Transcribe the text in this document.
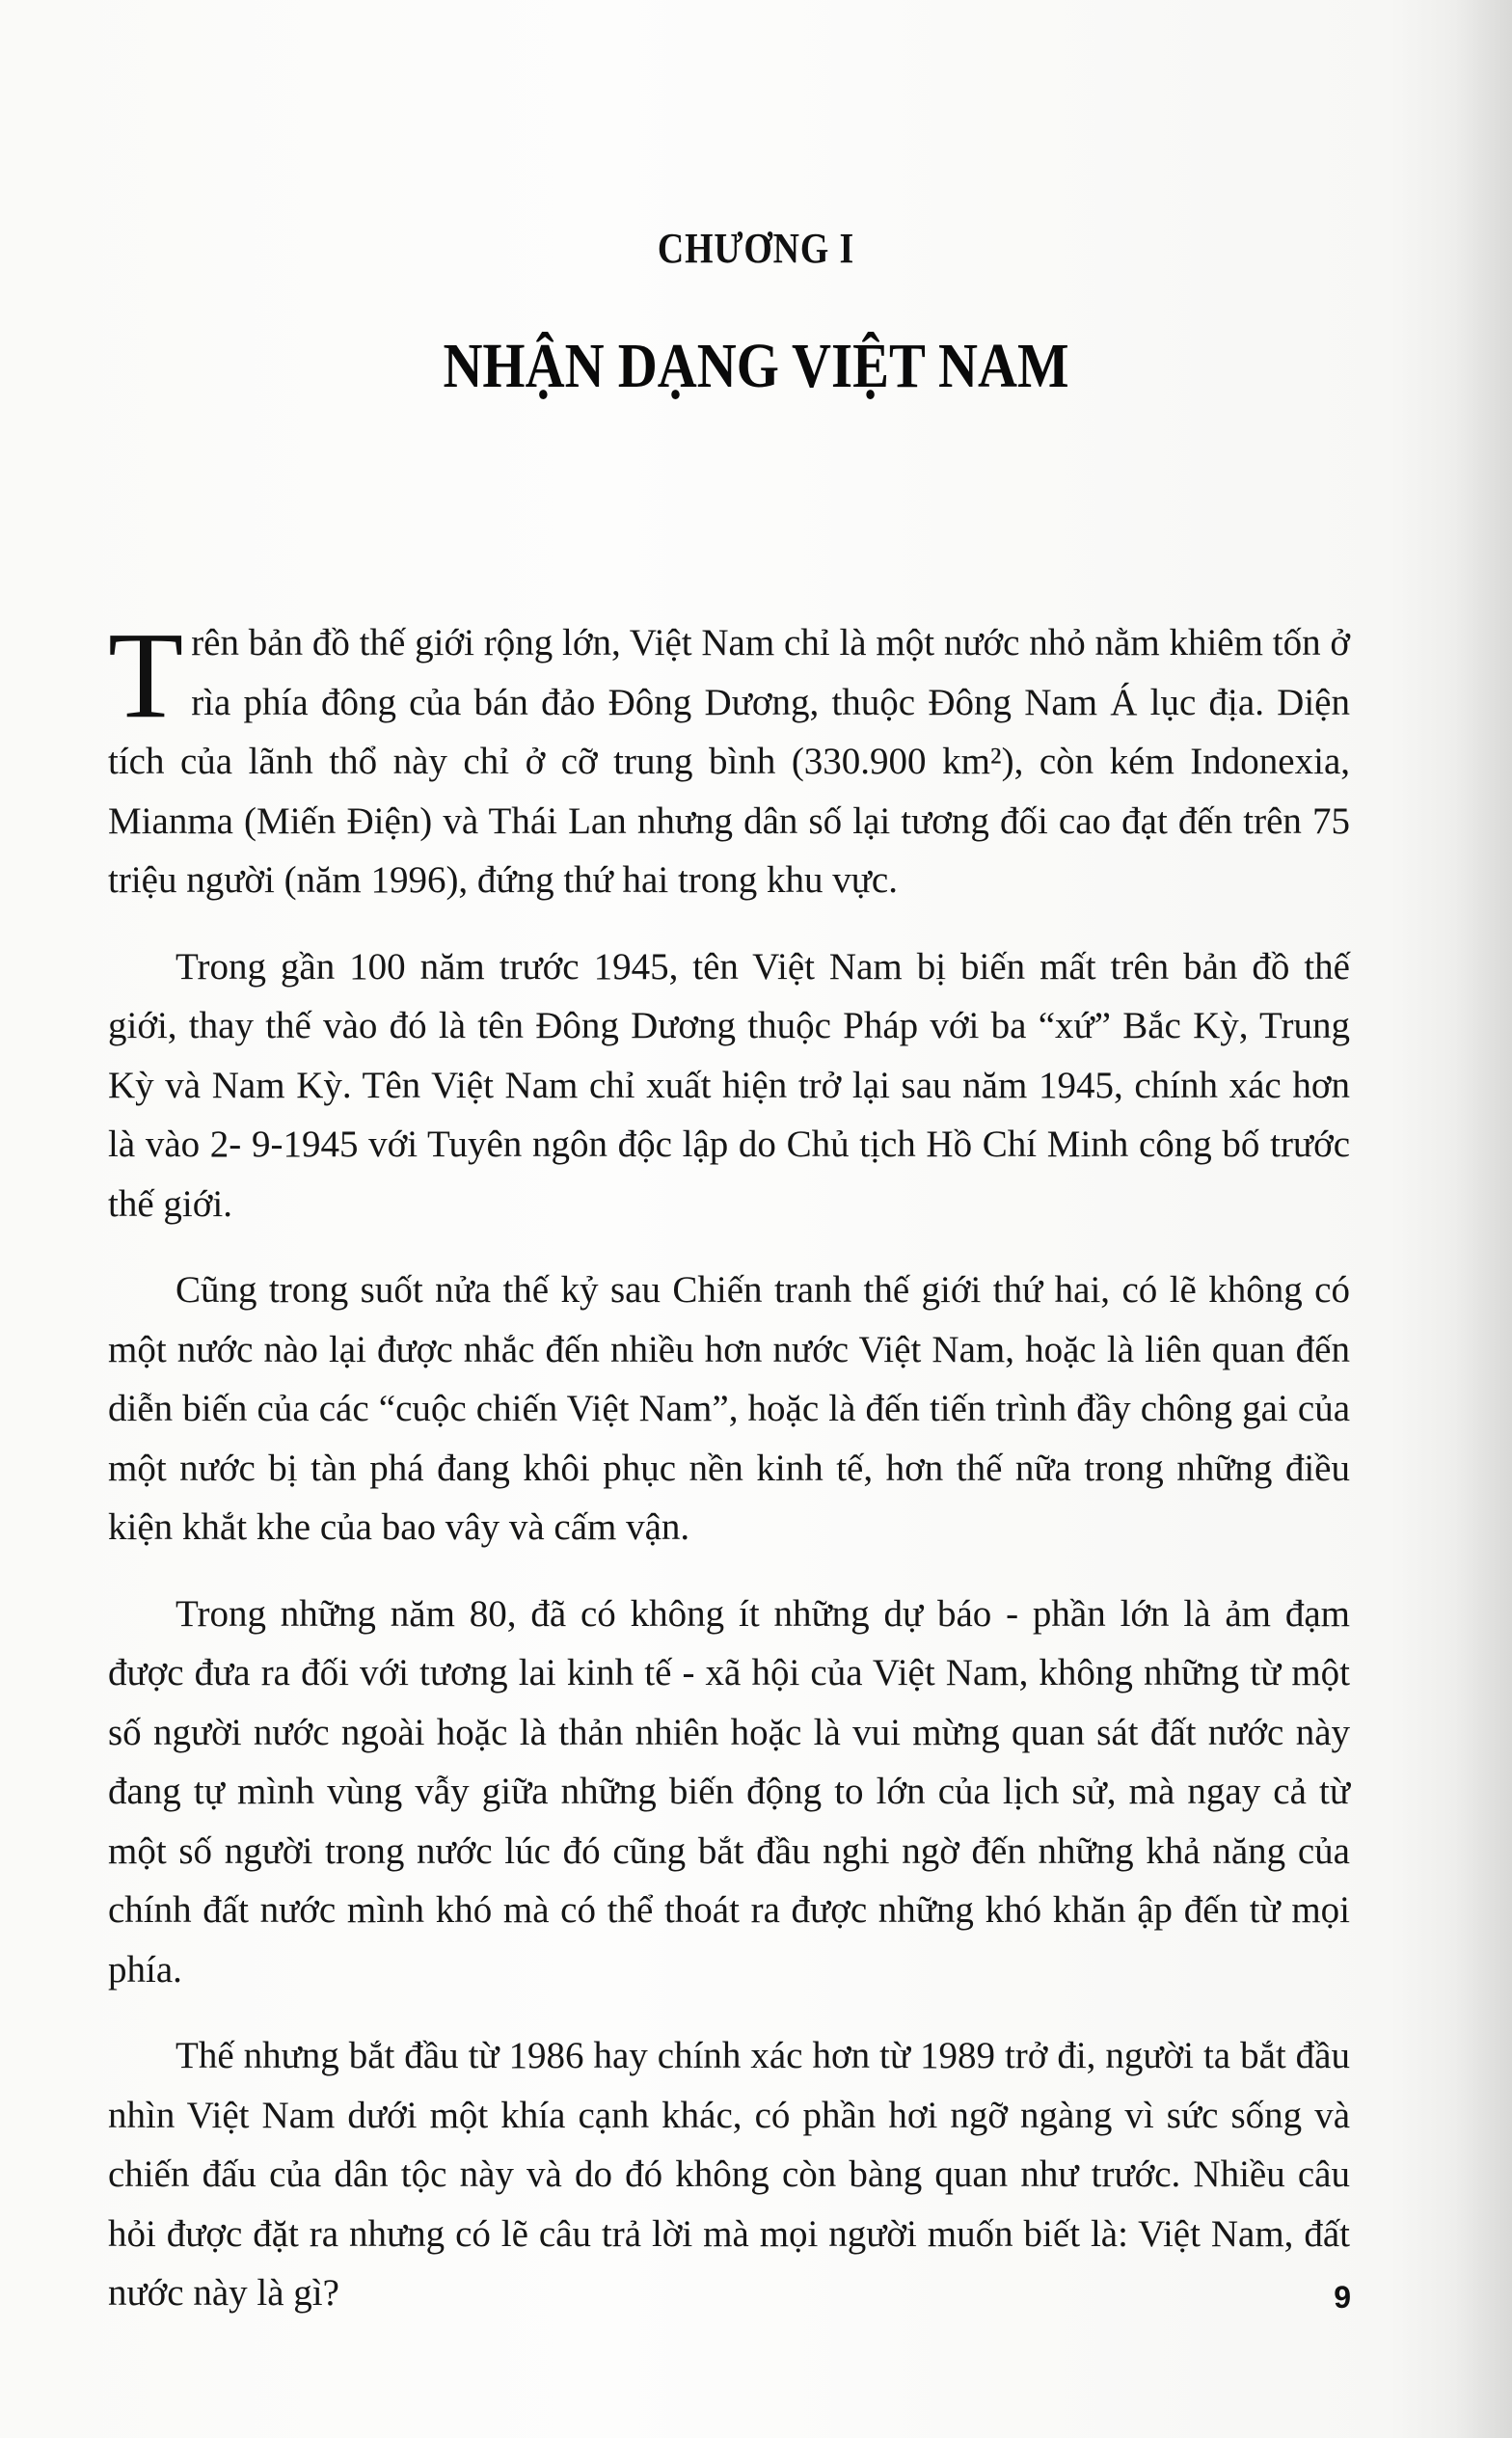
CHƯƠNG I
NHẬN DẠNG VIỆT NAM

Trên bản đồ thế giới rộng lớn, Việt Nam chỉ là một nước nhỏ nằm khiêm tốn ở rìa phía đông của bán đảo Đông Dương, thuộc Đông Nam Á lục địa. Diện tích của lãnh thổ này chỉ ở cỡ trung bình (330.900 km²), còn kém Indonexia, Mianma (Miến Điện) và Thái Lan nhưng dân số lại tương đối cao đạt đến trên 75 triệu người (năm 1996), đứng thứ hai trong khu vực.

Trong gần 100 năm trước 1945, tên Việt Nam bị biến mất trên bản đồ thế giới, thay thế vào đó là tên Đông Dương thuộc Pháp với ba “xứ” Bắc Kỳ, Trung Kỳ và Nam Kỳ. Tên Việt Nam chỉ xuất hiện trở lại sau năm 1945, chính xác hơn là vào 2- 9-1945 với Tuyên ngôn độc lập do Chủ tịch Hồ Chí Minh công bố trước thế giới.

Cũng trong suốt nửa thế kỷ sau Chiến tranh thế giới thứ hai, có lẽ không có một nước nào lại được nhắc đến nhiều hơn nước Việt Nam, hoặc là liên quan đến diễn biến của các “cuộc chiến Việt Nam”, hoặc là đến tiến trình đầy chông gai của một nước bị tàn phá đang khôi phục nền kinh tế, hơn thế nữa trong những điều kiện khắt khe của bao vây và cấm vận.

Trong những năm 80, đã có không ít những dự báo - phần lớn là ảm đạm được đưa ra đối với tương lai kinh tế - xã hội của Việt Nam, không những từ một số người nước ngoài hoặc là thản nhiên hoặc là vui mừng quan sát đất nước này đang tự mình vùng vẫy giữa những biến động to lớn của lịch sử, mà ngay cả từ một số người trong nước lúc đó cũng bắt đầu nghi ngờ đến những khả năng của chính đất nước mình khó mà có thể thoát ra được những khó khăn ập đến từ mọi phía.

Thế nhưng bắt đầu từ 1986 hay chính xác hơn từ 1989 trở đi, người ta bắt đầu nhìn Việt Nam dưới một khía cạnh khác, có phần hơi ngỡ ngàng vì sức sống và chiến đấu của dân tộc này và do đó không còn bàng quan như trước. Nhiều câu hỏi được đặt ra nhưng có lẽ câu trả lời mà mọi người muốn biết là: Việt Nam, đất nước này là gì?	9
